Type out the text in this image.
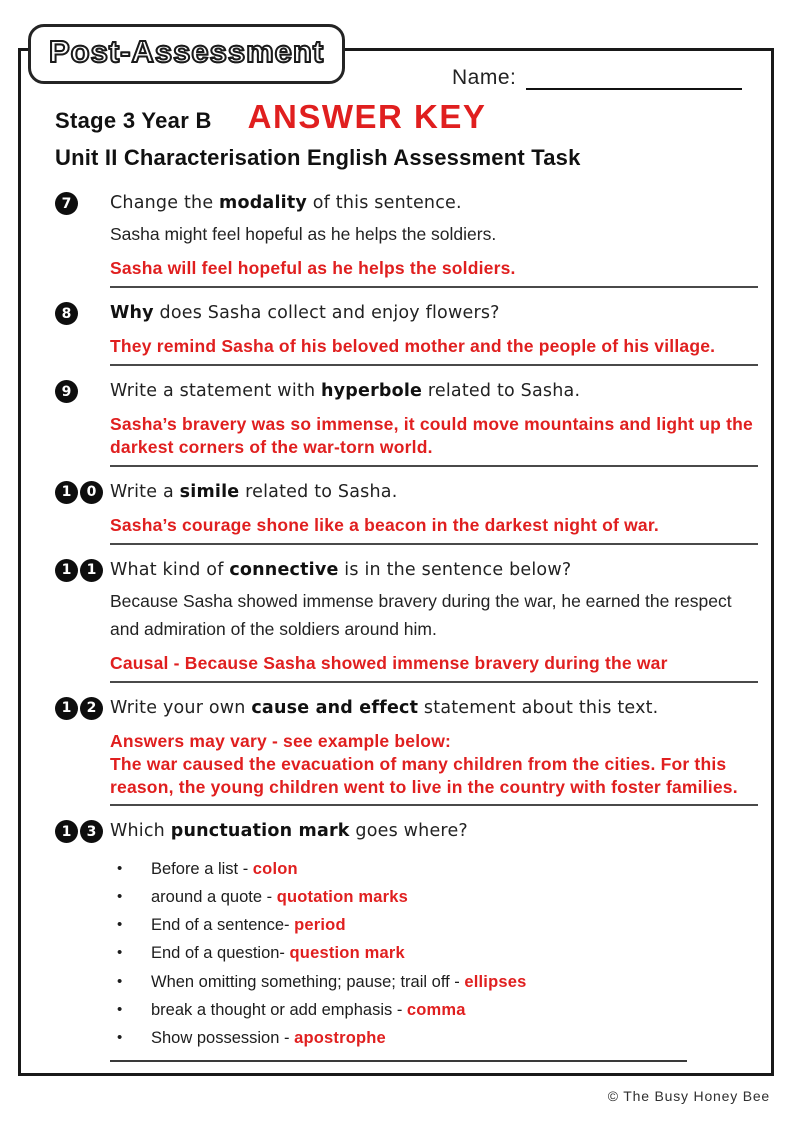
Post-Assessment
Name:
Stage 3 Year B ANSWER KEY
Unit II Characterisation English Assessment Task
7	Change the modality of this sentence.
Sasha might feel hopeful as he helps the soldiers.
Sasha will feel hopeful as he helps the soldiers.
8	Why does Sasha collect and enjoy flowers?
They remind Sasha of his beloved mother and the people of his village.
9	Write a statement with hyperbole related to Sasha.
Sasha’s bravery was so immense, it could move mountains and light up the darkest corners of the war-torn world.
1	0 Write a simile related to Sasha.
Sasha’s courage shone like a beacon in the darkest night of war.
1	1 What kind of connective is in the sentence below?
Because Sasha showed immense bravery during the war, he earned the respect and admiration of the soldiers around him.
Causal - Because Sasha showed immense bravery during the war
1	2 Write your own cause and effect statement about this text.
Answers may vary - see example below:
The war caused the evacuation of many children from the cities. For this reason, the young children went to live in the country with foster families.
1	3 Which punctuation mark goes where?
•	Before a list - colon
•	around a quote - quotation marks
•	End of a sentence- period
•	End of a question- question mark
•	When omitting something; pause; trail off - ellipses
•	break a thought or add emphasis - comma
•	Show possession - apostrophe
© The Busy Honey Bee
